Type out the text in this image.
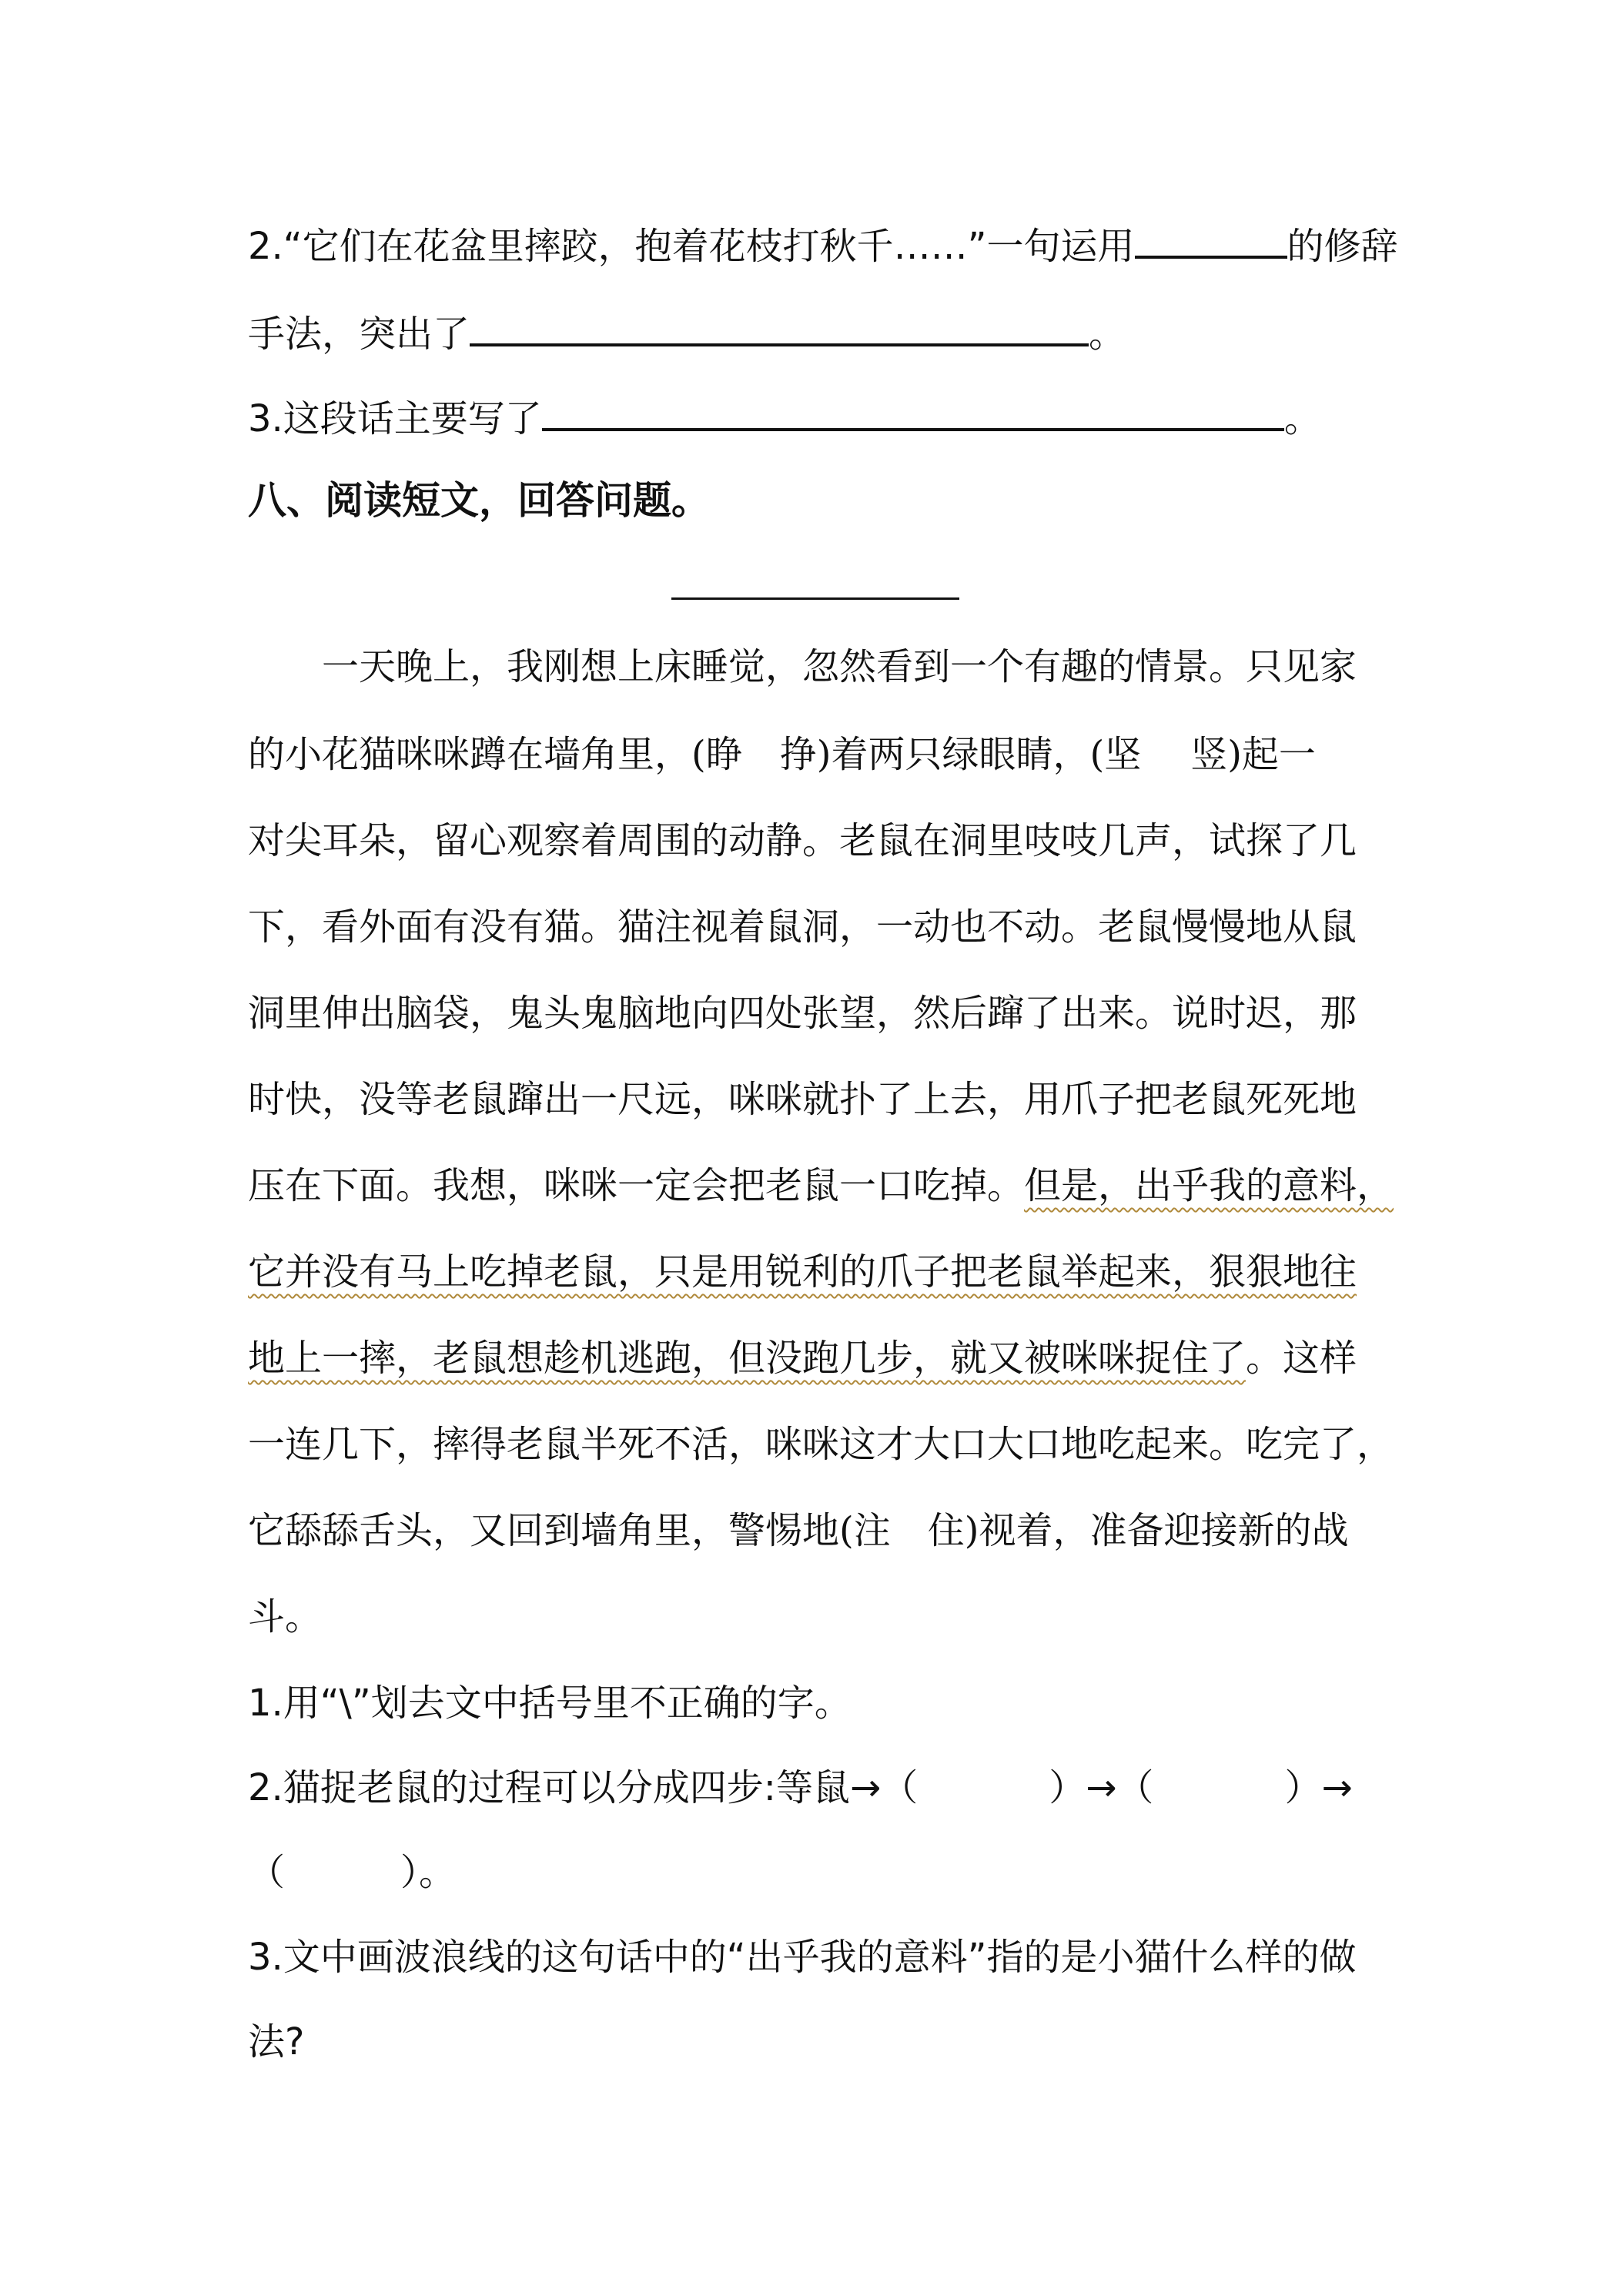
2.“它们在花盆里摔跤，抱着花枝打秋千……”一句运用	的修辞
手法，突出了	。
3.这段话主要写了	。
八、阅读短文，回答问题。
一天晚上，我刚想上床睡觉，忽然看到一个有趣的情景。只见家
的小花猫咪咪蹲在墙角里，(睁 挣)着两只绿眼睛，(坚 竖)起一
对尖耳朵，留心观察着周围的动静。老鼠在洞里吱吱几声，试探了几
下，看外面有没有猫。猫注视着鼠洞，一动也不动。老鼠慢慢地从鼠
洞里伸出脑袋，鬼头鬼脑地向四处张望，然后蹿了出来。说时迟，那
时快，没等老鼠蹿出一尺远，咪咪就扑了上去，用爪子把老鼠死死地
压在下面。我想，咪咪一定会把老鼠一口吃掉。但是，出乎我的意料，
它并没有马上吃掉老鼠，只是用锐利的爪子把老鼠举起来，狠狠地往
地上一摔，老鼠想趁机逃跑，但没跑几步，就又被咪咪捉住了。这样
一连几下，摔得老鼠半死不活，咪咪这才大口大口地吃起来。吃完了，
它舔舔舌头，又回到墙角里，警惕地(注 住)视着，准备迎接新的战
斗。
1.用“\”划去文中括号里不正确的字。
2.猫捉老鼠的过程可以分成四步:等鼠→（	）→（	）→
（	）。
3.文中画波浪线的这句话中的“出乎我的意料”指的是小猫什么样的做
法?
